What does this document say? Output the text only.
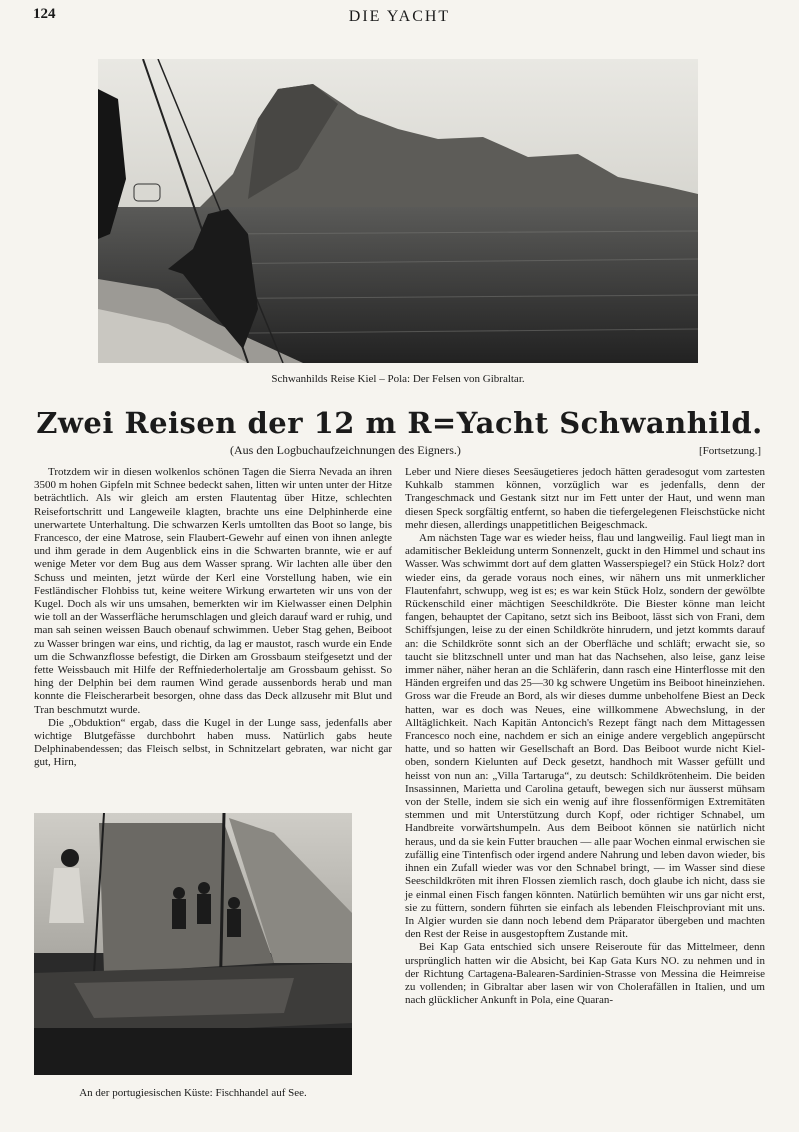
124	DIE YACHT
Schwanhilds Reise Kiel – Pola: Der Felsen von Gibraltar.
Zwei Reisen der 12 m R=Yacht Schwanhild.
(Aus den Logbuchaufzeichnungen des Eigners.)	[Fortsetzung.]

Trotzdem wir in diesen wolkenlos schönen Tagen die Sierra Nevada an ihren 3500 m hohen Gipfeln mit Schnee bedeckt sahen, litten wir unten unter der Hitze beträchtlich. Als wir gleich am ersten Flautentag über Hitze, schlechten Reisefortschritt und Langeweile klagten, brachte uns eine Delphinherde eine unerwartete Unterhaltung. Die schwarzen Kerls umtollten das Boot so lange, bis Francesco, der eine Matrose, sein Flaubert-Gewehr auf einen von ihnen anlegte und ihm gerade in dem Augenblick eins in die Schwarten brannte, wie er auf wenige Meter vor dem Bug aus dem Wasser sprang. Wir lachten alle über den Schuss und meinten, jetzt würde der Kerl eine Vorstellung haben, wie ein Festländischer Flohbiss tut, keine weitere Wirkung erwarteten wir uns von der Kugel. Doch als wir uns umsahen, bemerkten wir im Kielwasser einen Delphin wie toll an der Wasserfläche herumschlagen und gleich darauf ward er ruhig, und man sah seinen weissen Bauch obenauf schwimmen. Ueber Stag gehen, Beiboot zu Wasser bringen war eins, und richtig, da lag er maustot, rasch wurde ein Ende um die Schwanzflosse befestigt, die Dirken am Grossbaum steifgesetzt und der fette Weissbauch mit Hilfe der Reffniederholertalje am Grossbaum gehisst. So hing der Delphin bei dem raumen Wind gerade aussenbords herab und man konnte die Fleischerarbeit besorgen, ohne dass das Deck allzusehr mit Blut und Tran beschmutzt wurde.

Die „Obduktion“ ergab, dass die Kugel in der Lunge sass, jedenfalls aber wichtige Blutgefässe durchbohrt haben muss. Natürlich gabs heute Delphinabendessen; das Fleisch selbst, in Schnitzelart gebraten, war nicht gar gut, Hirn,

Leber und Niere dieses Seesäugetieres jedoch hätten geradesogut vom zartesten Kuhkalb stammen können, vorzüglich war es jedenfalls, denn der Trangeschmack und Gestank sitzt nur im Fett unter der Haut, und wenn man diesen Speck sorgfältig entfernt, so haben die tiefergelegenen Fleischstücke nicht mehr diesen, allerdings unappetitlichen Beigeschmack.

Am nächsten Tage war es wieder heiss, flau und langweilig. Faul liegt man in adamitischer Bekleidung unterm Sonnenzelt, guckt in den Himmel und schaut ins Wasser. Was schwimmt dort auf dem glatten Wasserspiegel? ein Stück Holz? dort wieder eins, da gerade voraus noch eines, wir nähern uns mit unmerklicher Flautenfahrt, schwupp, weg ist es; es war kein Stück Holz, sondern der gewölbte Rückenschild einer mächtigen Seeschildkröte. Die Biester könne man leicht fangen, behauptet der Capitano, setzt sich ins Beiboot, lässt sich von Frani, dem Schiffsjungen, leise zu der einen Schildkröte hinrudern, und jetzt kommts darauf an: die Schildkröte sonnt sich an der Oberfläche und schläft; erwacht sie, so taucht sie blitzschnell unter und man hat das Nachsehen, also leise, ganz leise immer näher, näher heran an die Schläferin, dann rasch eine Hinterflosse mit den Händen ergreifen und das 25—30 kg schwere Ungetüm ins Beiboot hineinziehen. Gross war die Freude an Bord, als wir dieses dumme unbeholfene Biest an Deck hatten, war es doch was Neues, eine willkommene Abwechslung, in der Alltäglichkeit. Nach Kapitän Antoncich's Rezept fängt nach dem Mittagessen Francesco noch eine, nachdem er sich an einige andere vergeblich angepürscht hatte, und so hatten wir Gesellschaft an Bord. Das Beiboot wurde nicht Kiel-oben, sondern Kielunten auf Deck gesetzt, handhoch mit Wasser gefüllt und heisst von nun an: „Villa Tartaruga“, zu deutsch: Schildkrötenheim. Die beiden Insassinnen, Marietta und Carolina getauft, bewegen sich nur äusserst mühsam von der Stelle, indem sie sich ein wenig auf ihre flossenförmigen Extremitäten stemmen und mit Unterstützung durch Kopf, oder richtiger Schnabel, um Handbreite vorwärtshumpeln. Aus dem Beiboot können sie natürlich nicht heraus, und da sie kein Futter brauchen — alle paar Wochen einmal erwischen sie zufällig eine Tintenfisch oder irgend andere Nahrung und leben davon wieder, bis ihnen ein Zufall wieder was vor den Schnabel bringt, — im Wasser sind diese Seeschildkröten mit ihren Flossen ziemlich rasch, doch glaube ich nicht, dass sie je einmal einen Fisch fangen könnten. Natürlich bemühten wir uns gar nicht erst, sie zu füttern, sondern führten sie einfach als lebenden Fleischproviant mit uns. In Algier wurden sie dann noch lebend dem Präparator übergeben und machten den Rest der Reise in ausgestopftem Zustande mit.

Bei Kap Gata entschied sich unsere Reiseroute für das Mittelmeer, denn ursprünglich hatten wir die Absicht, bei Kap Gata Kurs NO. zu nehmen und in der Richtung Cartagena-Balearen-Sardinien-Strasse von Messina die Heimreise zu vollenden; in Gibraltar aber lasen wir von Cholerafällen in Italien, und um nach glücklicher Ankunft in Pola, eine Quaran-

An der portugiesischen Küste: Fischhandel auf See.
